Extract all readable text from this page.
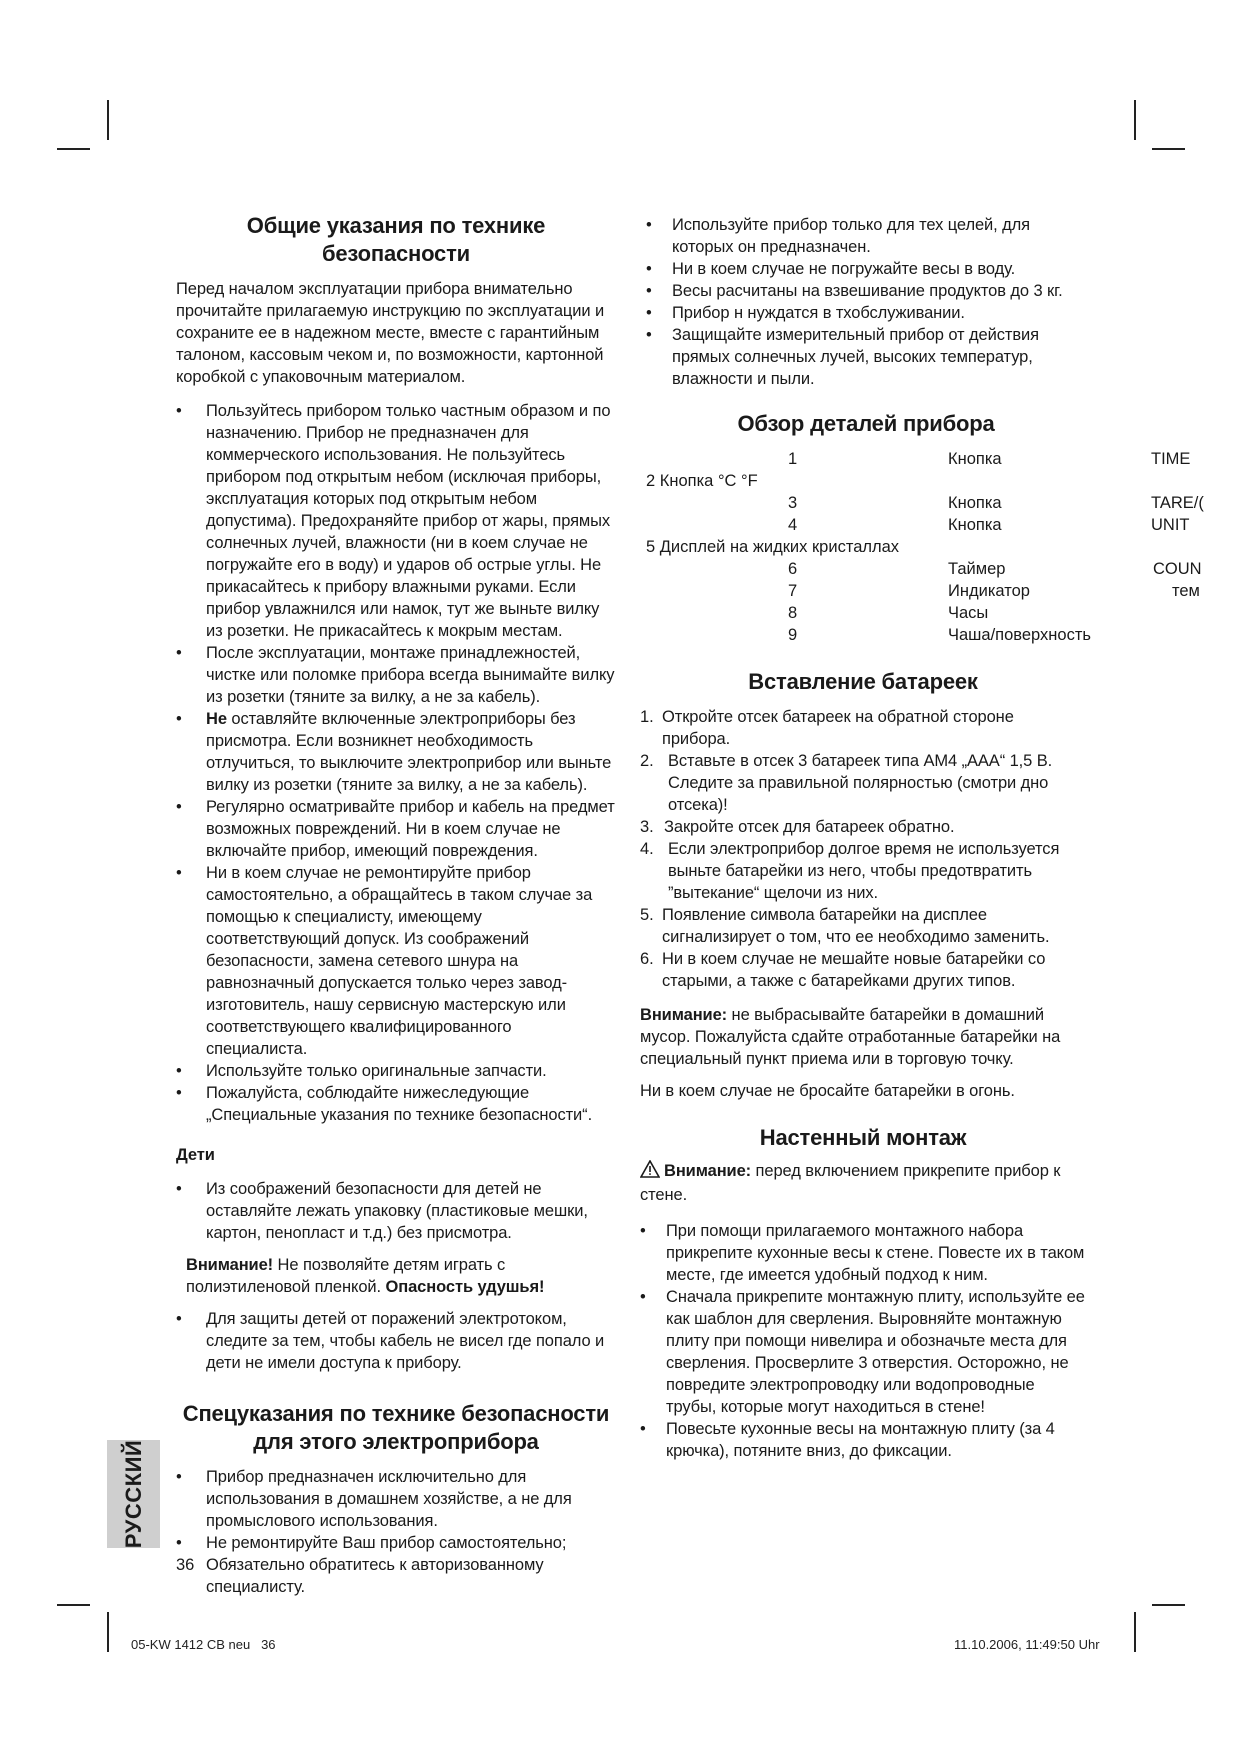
Общие указания по технике безопасности

Перед началом эксплуатации прибора внимательно прочитайте прилагаемую инструкцию по эксплуатации и сохраните ее в надежном месте, вместе с гарантийным талоном, кассовым чеком и, по возможности, картонной коробкой с упаковочным материалом.

• Пользуйтесь прибором только частным образом и по назначению. Прибор не предназначен для коммерческого использования. Не пользуйтесь прибором под открытым небом (исключая приборы, эксплуатация которых под открытым небом допустима). Предохраняйте прибор от жары, прямых солнечных лучей, влажности (ни в коем случае не погружайте его в воду) и ударов об острые углы. Не прикасайтесь к прибору влажными руками. Если прибор увлажнился или намок, тут же выньте вилку из розетки. Не прикасайтесь к мокрым местам.
• После эксплуатации, монтаже принадлежностей, чистке или поломке прибора всегда вынимайте вилку из розетки (тяните за вилку, а не за кабель).
• Не оставляйте включенные электроприборы без присмотра. Если возникнет необходимость отлучиться, то выключите электроприбор или выньте вилку из розетки (тяните за вилку, а не за кабель).
• Регулярно осматривайте прибор и кабель на предмет возможных повреждений. Ни в коем случае не включайте прибор, имеющий повреждения.
• Ни в коем случае не ремонтируйте прибор самостоятельно, а обращайтесь в таком случае за помощью к специалисту, имеющему соответствующий допуск. Из соображений безопасности, замена сетевого шнура на равнозначный допускается только через завод-изготовитель, нашу сервисную мастерскую или соответствующего квалифицированного специалиста.
• Используйте только оригинальные запчасти.
• Пожалуйста, соблюдайте нижеследующие „Специальные указания по технике безопасности“.
Дети
• Из соображений безопасности для детей не оставляйте лежать упаковку (пластиковые мешки, картон, пенопласт и т.д.) без присмотра.

Внимание! Не позволяйте детям играть с полиэтиленовой пленкой. Опасность удушья!

• Для защиты детей от поражений электротоком, следите за тем, чтобы кабель не висел где попало и дети не имели доступа к прибору.
Спецуказания по технике безопасности
для этого электроприбора
• Прибор предназначен исключительно для использования в домашнем хозяйстве, а не для промыслового использования.
• Не ремонтируйте Ваш прибор самостоятельно; Обязательно обратитесь к авторизованному специалисту.
• Используйте прибор только для тех целей, для которых он предназначен.
• Ни в коем случае не погружайте весы в воду.
• Весы расчитаны на взвешивание продуктов до 3 кг.
• Прибор н нуждатся в тхобслуживании.
• Защищайте измерительный прибор от действия прямых солнечных лучей, высоких температур, влажности и пыли.
Обзор деталей прибора
1	Кнопка	TIME
2 Кнопка °C °F
3	Кнопка	TARE/(
4	Кнопка	UNIT
5 Дисплей на жидких кристаллах
6	Таймер	COUN
7	Индикатор	тем
8	Часы
9	Чаша/поверхность
Вставление батареек
1. Откройте отсек батареек на обратной стороне прибора.
2. Вставьте в отсек 3 батареек типа AM4 „AAA“ 1,5 В. Следите за правильной полярностью (смотри дно отсека)!
3. Закройте отсек для батареек обратно.
4. Если электроприбор долгое время не используется выньте батарейки из него, чтобы предотвратить ”вытекание“ щелочи из них.
5. Появление символа батарейки на дисплее сигнализирует о том, что ее необходимо заменить.
6. Ни в коем случае не мешайте новые батарейки со старыми, а также с батарейками других типов.

Внимание: не выбрасывайте батарейки в домашний мусор. Пожалуйста сдайте отработанные батарейки на специальный пункт приема или в торговую точку.

Ни в коем случае не бросайте батарейки в огонь.

Настенный монтаж

Внимание: перед включением прикрепите прибор к стене.

• При помощи прилагаемого монтажного набора прикрепите кухонные весы к стене. Повесте их в таком месте, где имеется удобный подход к ним.
• Сначала прикрепите монтажную плиту, используйте ее как шаблон для сверления. Выровняйте монтажную плиту при помощи нивелира и обозначьте места для сверления. Просверлите 3 отверстия. Осторожно, не повредите электропроводку или водопроводные трубы, которые могут находиться в стене!
• Повесьте кухонные весы на монтажную плиту (за 4 крючка), потяните вниз, до фиксации.
РУССКИЙ
36
05-KW 1412 CB neu   36	11.10.2006, 11:49:50 Uhr
